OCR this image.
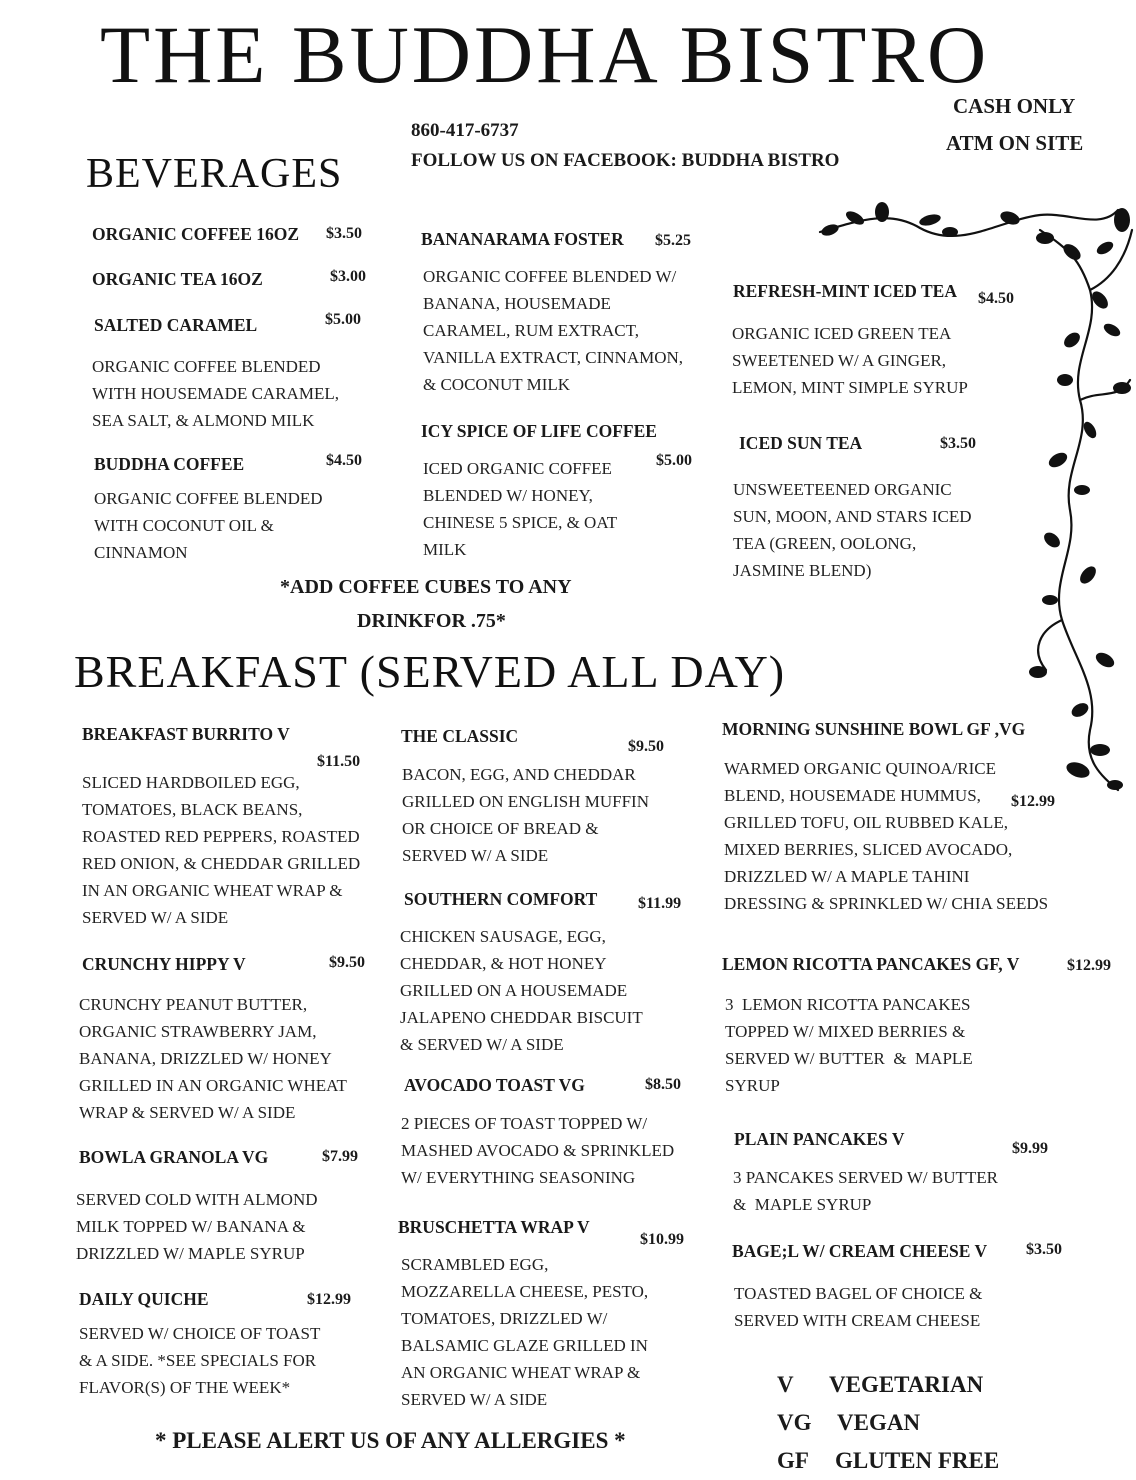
THE BUDDHA BISTRO
860-417-6737
FOLLOW US ON FACEBOOK: BUDDHA BISTRO
CASH ONLY
ATM ON SITE
BEVERAGES
ORGANIC COFFEE 16OZ $3.50
ORGANIC TEA 16OZ	$3.00
SALTED CARAMEL	$5.00
ORGANIC COFFEE BLENDED
WITH HOUSEMADE CARAMEL,
SEA SALT, & ALMOND MILK
BUDDHA COFFEE	$4.50
ORGANIC COFFEE BLENDED
WITH COCONUT OIL &
CINNAMON
BANANARAMA FOSTER $5.25
ORGANIC COFFEE BLENDED W/
BANANA, HOUSEMADE
CARAMEL, RUM EXTRACT,
VANILLA EXTRACT, CINNAMON,
& COCONUT MILK
ICY SPICE OF LIFE COFFEE
$5.00
ICED ORGANIC COFFEE
BLENDED W/ HONEY,
CHINESE 5 SPICE, & OAT
MILK
REFRESH-MINT ICED TEA $4.50
ORGANIC ICED GREEN TEA
SWEETENED W/ A GINGER,
LEMON, MINT SIMPLE SYRUP
ICED SUN TEA	$3.50
UNSWEETEENED ORGANIC
SUN, MOON, AND STARS ICED
TEA (GREEN, OOLONG,
JASMINE BLEND)
*ADD COFFEE CUBES TO ANY
DRINKFOR .75*
BREAKFAST (SERVED ALL DAY)
BREAKFAST BURRITO V
$11.50
SLICED HARDBOILED EGG,
TOMATOES, BLACK BEANS,
ROASTED RED PEPPERS, ROASTED
RED ONION, & CHEDDAR GRILLED
IN AN ORGANIC WHEAT WRAP &
SERVED W/ A SIDE
CRUNCHY HIPPY V	$9.50
CRUNCHY PEANUT BUTTER,
ORGANIC STRAWBERRY JAM,
BANANA, DRIZZLED W/ HONEY
GRILLED IN AN ORGANIC WHEAT
WRAP & SERVED W/ A SIDE
BOWLA GRANOLA VG	$7.99
SERVED COLD WITH ALMOND
MILK TOPPED W/ BANANA &
DRIZZLED W/ MAPLE SYRUP
DAILY QUICHE	$12.99
SERVED W/ CHOICE OF TOAST
& A SIDE. *SEE SPECIALS FOR
FLAVOR(S) OF THE WEEK*
THE CLASSIC
$9.50
BACON, EGG, AND CHEDDAR
GRILLED ON ENGLISH MUFFIN
OR CHOICE OF BREAD &
SERVED W/ A SIDE
SOUTHERN COMFORT	$11.99
CHICKEN SAUSAGE, EGG,
CHEDDAR, & HOT HONEY
GRILLED ON A HOUSEMADE
JALAPENO CHEDDAR BISCUIT
& SERVED W/ A SIDE
AVOCADO TOAST VG	$8.50
2 PIECES OF TOAST TOPPED W/
MASHED AVOCADO & SPRINKLED
W/ EVERYTHING SEASONING
BRUSCHETTA WRAP V
$10.99
SCRAMBLED EGG,
MOZZARELLA CHEESE, PESTO,
TOMATOES, DRIZZLED W/
BALSAMIC GLAZE GRILLED IN
AN ORGANIC WHEAT WRAP &
SERVED W/ A SIDE
MORNING SUNSHINE BOWL GF ,VG
$12.99
WARMED ORGANIC QUINOA/RICE
BLEND, HOUSEMADE HUMMUS,
GRILLED TOFU, OIL RUBBED KALE,
MIXED BERRIES, SLICED AVOCADO,
DRIZZLED W/ A MAPLE TAHINI
DRESSING & SPRINKLED W/ CHIA SEEDS
LEMON RICOTTA PANCAKES GF, V	$12.99
3  LEMON RICOTTA PANCAKES
TOPPED W/ MIXED BERRIES &
SERVED W/ BUTTER  &  MAPLE
SYRUP
PLAIN PANCAKES V	$9.99
3 PANCAKES SERVED W/ BUTTER
&  MAPLE SYRUP
BAGE;L W/ CREAM CHEESE V $3.50
TOASTED BAGEL OF CHOICE &
SERVED WITH CREAM CHEESE
* PLEASE ALERT US OF ANY ALLERGIES *
V VEGETARIAN
VG VEGAN
GF GLUTEN FREE
